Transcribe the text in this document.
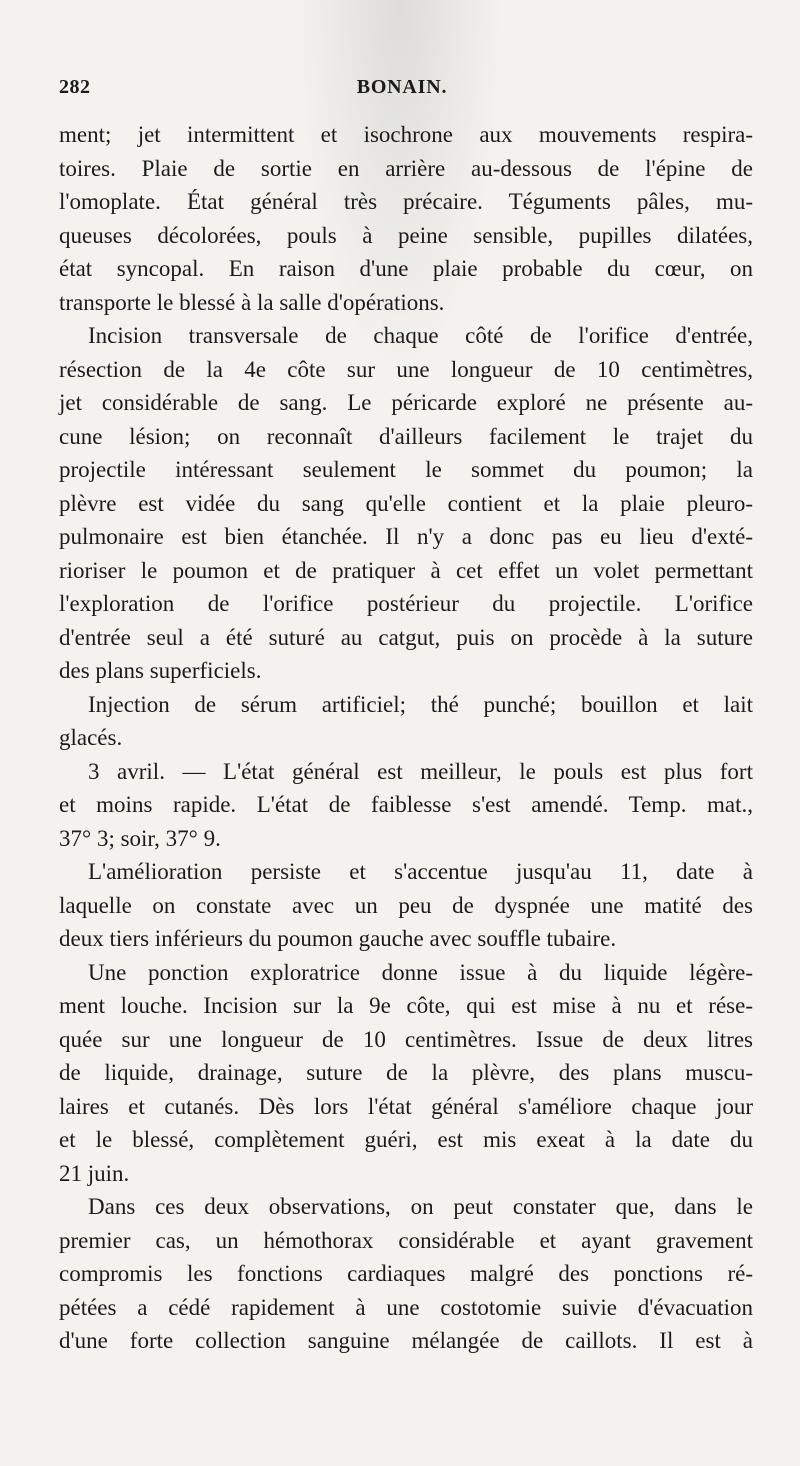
282	BONAIN.
ment; jet intermittent et isochrone aux mouvements respira-
toires. Plaie de sortie en arrière au-dessous de l'épine de
l'omoplate. État général très précaire. Téguments pâles, mu-
queuses décolorées, pouls à peine sensible, pupilles dilatées,
état syncopal. En raison d'une plaie probable du cœur, on
transporte le blessé à la salle d'opérations.
Incision transversale de chaque côté de l'orifice d'entrée,
résection de la 4e côte sur une longueur de 10 centimètres,
jet considérable de sang. Le péricarde exploré ne présente au-
cune lésion; on reconnaît d'ailleurs facilement le trajet du
projectile intéressant seulement le sommet du poumon; la
plèvre est vidée du sang qu'elle contient et la plaie pleuro-
pulmonaire est bien étanchée. Il n'y a donc pas eu lieu d'exté-
rioriser le poumon et de pratiquer à cet effet un volet permettant
l'exploration de l'orifice postérieur du projectile. L'orifice
d'entrée seul a été suturé au catgut, puis on procède à la suture
des plans superficiels.
Injection de sérum artificiel; thé punché; bouillon et lait
glacés.
3 avril. — L'état général est meilleur, le pouls est plus fort
et moins rapide. L'état de faiblesse s'est amendé. Temp. mat.,
37° 3; soir, 37° 9.
L'amélioration persiste et s'accentue jusqu'au 11, date à
laquelle on constate avec un peu de dyspnée une matité des
deux tiers inférieurs du poumon gauche avec souffle tubaire.
Une ponction exploratrice donne issue à du liquide légère-
ment louche. Incision sur la 9e côte, qui est mise à nu et rése-
quée sur une longueur de 10 centimètres. Issue de deux litres
de liquide, drainage, suture de la plèvre, des plans muscu-
laires et cutanés. Dès lors l'état général s'améliore chaque jour
et le blessé, complètement guéri, est mis exeat à la date du
21 juin.
Dans ces deux observations, on peut constater que, dans le
premier cas, un hémothorax considérable et ayant gravement
compromis les fonctions cardiaques malgré des ponctions ré-
pétées a cédé rapidement à une costotomie suivie d'évacuation
d'une forte collection sanguine mélangée de caillots. Il est à
